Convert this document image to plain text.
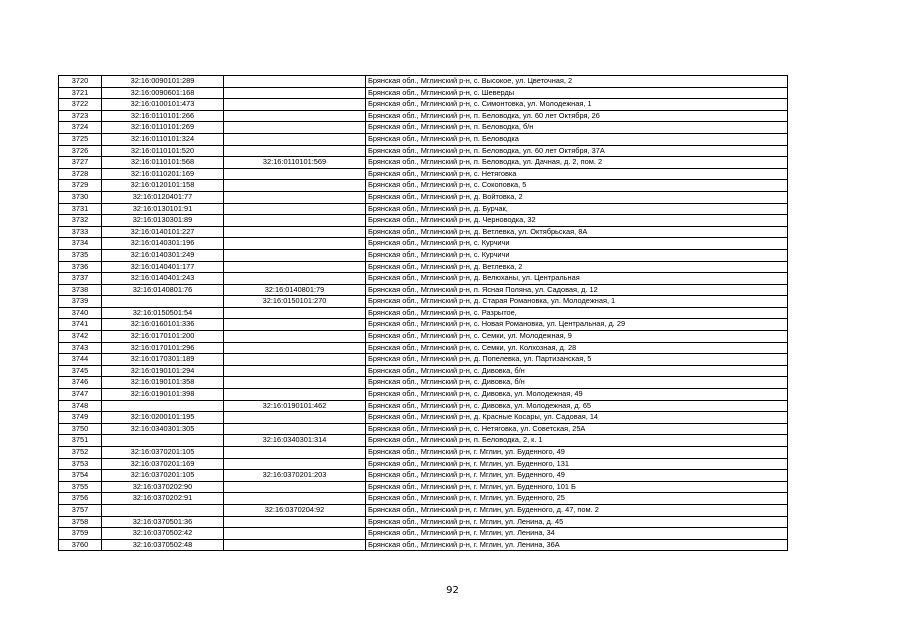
3720	32:16:0090101:289		Брянская обл., Мглинский р-н, с. Высокое, ул. Цветочная, 2
3721	32:16:0090601:168		Брянская обл., Мглинский р-н, с. Шеверды
3722	32:16:0100101:473		Брянская обл., Мглинский р-н, с. Симонтовка, ул. Молодежная, 1
3723	32:16:0110101:266		Брянская обл., Мглинский р-н, п. Беловодка, ул. 60 лет Октября, 26
3724	32:16:0110101:269		Брянская обл., Мглинский р-н, п. Беловодка, б/н
3725	32:16:0110101:324		Брянская обл., Мглинский р-н, п. Беловодка
3726	32:16:0110101:520		Брянская обл., Мглинский р-н, п. Беловодка, ул. 60 лет Октября, 37А
3727	32:16:0110101:568	32:16:0110101:569	Брянская обл., Мглинский р-н, п. Беловодка, ул. Дачная, д. 2, пом. 2
3728	32:16:0110201:169		Брянская обл., Мглинский р-н, с. Нетяговка
3729	32:16:0120101:158		Брянская обл., Мглинский р-н, с. Сокоповка, 5
3730	32:16:0120401:77		Брянская обл., Мглинский р-н, д. Войтовка, 2
3731	32:16:0130101:91		Брянская обл., Мглинский р-н, д. Бурчак,
3732	32:16:0130301:89		Брянская обл., Мглинский р-н, д. Черноводка, 32
3733	32:16:0140101:227		Брянская обл., Мглинский р-н, д. Ветлевка, ул. Октябрьская, 8А
3734	32:16:0140301:196		Брянская обл., Мглинский р-н, с. Курчичи
3735	32:16:0140301:249		Брянская обл., Мглинский р-н, с. Курчичи
3736	32:16:0140401:177		Брянская обл., Мглинский р-н, д. Ветлевка, 2
3737	32:16:0140401:243		Брянская обл., Мглинский р-н, д. Велюханы, ул. Центральная
3738	32:16:0140801:76	32:16:0140801:79	Брянская обл., Мглинский р-н, п. Ясная Поляна, ул. Садовая, д. 12
3739		32:16:0150101:270	Брянская обл., Мглинский р-н, д. Старая Романовка, ул. Молодежная, 1
3740	32:16:0150501:54		Брянская обл., Мглинский р-н, с. Разрытое,
3741	32:16:0160101:336		Брянская обл., Мглинский р-н, с. Новая Романовка, ул. Центральная, д. 29
3742	32:16:0170101:200		Брянская обл., Мглинский р-н, с. Семки, ул. Молодежная, 9
3743	32:16:0170101:296		Брянская обл., Мглинский р-н, с. Семки, ул. Колхозная, д. 28
3744	32:16:0170301:189		Брянская обл., Мглинский р-н, д. Попелевка, ул. Партизанская, 5
3745	32:16:0190101:294		Брянская обл., Мглинский р-н, с. Дивовка, б/н
3746	32:16:0190101:358		Брянская обл., Мглинский р-н, с. Дивовка, б/н
3747	32:16:0190101:398		Брянская обл., Мглинский р-н, с. Дивовка, ул. Молодежная, 49
3748		32:16:0190101:462	Брянская обл., Мглинский р-н, с. Дивовка, ул. Молодежная, д. 65
3749	32:16:0200101:195		Брянская обл., Мглинский р-н, д. Красные Косары, ул. Садовая, 14
3750	32:16:0340301:305		Брянская обл., Мглинский р-н, с. Нетяговка, ул. Советская, 25А
3751		32:16:0340301:314	Брянская обл., Мглинский р-н, п. Беловодка, 2, к. 1
3752	32:16:0370201:105		Брянская обл., Мглинский р-н, г. Мглин, ул. Буденного, 49
3753	32:16:0370201:169		Брянская обл., Мглинский р-н, г. Мглин, ул. Буденного, 131
3754	32:16:0370201:105	32:16:0370201:203	Брянская обл., Мглинский р-н, г. Мглин, ул. Буденного, 49
3755	32:16:0370202:90		Брянская обл., Мглинский р-н, г. Мглин, ул. Буденного, 101 Б
3756	32:16:0370202:91		Брянская обл., Мглинский р-н, г. Мглин, ул. Буденного, 25
3757		32:16:0370204:92	Брянская обл., Мглинский р-н, г. Мглин, ул. Буденного, д. 47, пом. 2
3758	32:16:0370501:36		Брянская обл., Мглинский р-н, г. Мглин, ул. Ленина, д. 45
3759	32:16:0370502:42		Брянская обл., Мглинский р-н, г. Мглин, ул. Ленина, 34
3760	32:16:0370502:48		Брянская обл., Мглинский р-н, г. Мглин, ул. Ленина, 36А
92
